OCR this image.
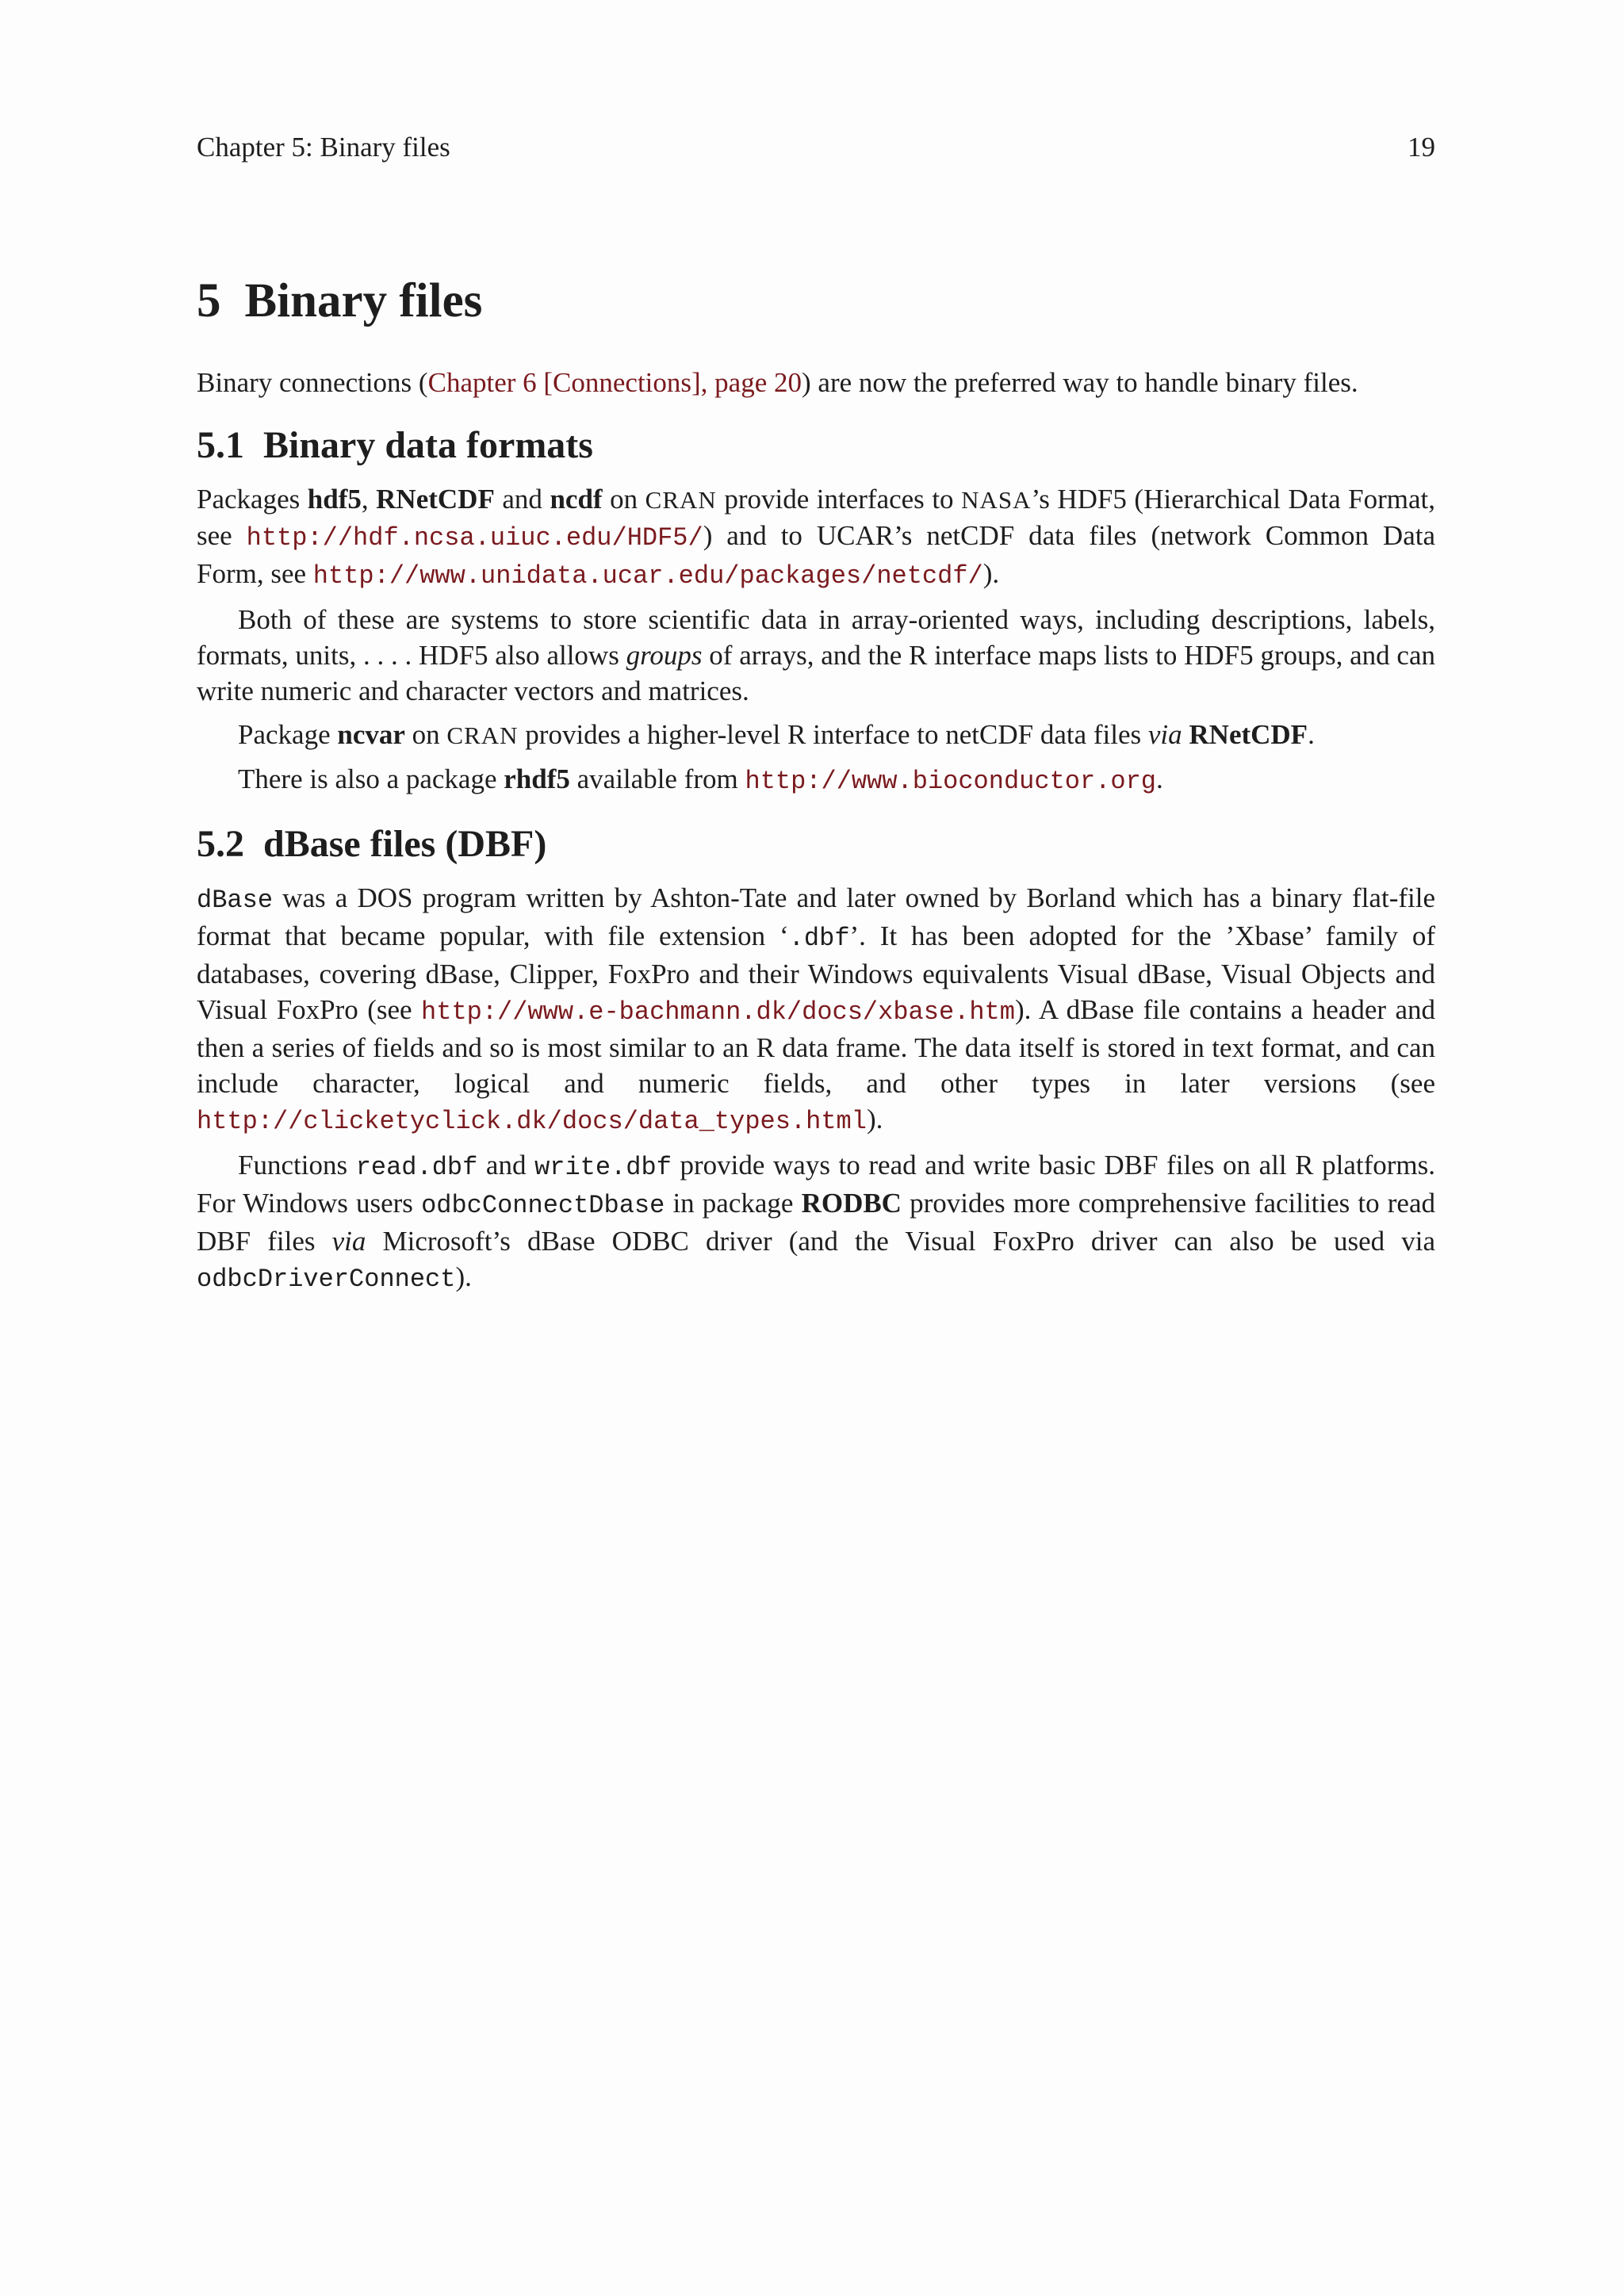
Chapter 5: Binary files	19
5 Binary files

Binary connections (Chapter 6 [Connections], page 20) are now the preferred way to handle binary files.

5.1 Binary data formats

Packages hdf5, RNetCDF and ncdf on CRAN provide interfaces to NASA’s HDF5 (Hierarchical Data Format, see http://hdf.ncsa.uiuc.edu/HDF5/) and to UCAR’s netCDF data files (network Common Data Form, see http://www.unidata.ucar.edu/packages/netcdf/).

Both of these are systems to store scientific data in array-oriented ways, including descriptions, labels, formats, units, . . . . HDF5 also allows groups of arrays, and the R interface maps lists to HDF5 groups, and can write numeric and character vectors and matrices.

Package ncvar on CRAN provides a higher-level R interface to netCDF data files via RNetCDF.

There is also a package rhdf5 available from http://www.bioconductor.org.

5.2 dBase files (DBF)

dBase was a DOS program written by Ashton-Tate and later owned by Borland which has a binary flat-file format that became popular, with file extension ‘.dbf’. It has been adopted for the ’Xbase’ family of databases, covering dBase, Clipper, FoxPro and their Windows equivalents Visual dBase, Visual Objects and Visual FoxPro (see http://www.e-bachmann.dk/docs/xbase.htm). A dBase file contains a header and then a series of fields and so is most similar to an R data frame. The data itself is stored in text format, and can include character, logical and numeric fields, and other types in later versions (see http://clicketyclick.dk/docs/data_types.html).

Functions read.dbf and write.dbf provide ways to read and write basic DBF files on all R platforms. For Windows users odbcConnectDbase in package RODBC provides more comprehensive facilities to read DBF files via Microsoft’s dBase ODBC driver (and the Visual FoxPro driver can also be used via odbcDriverConnect).
